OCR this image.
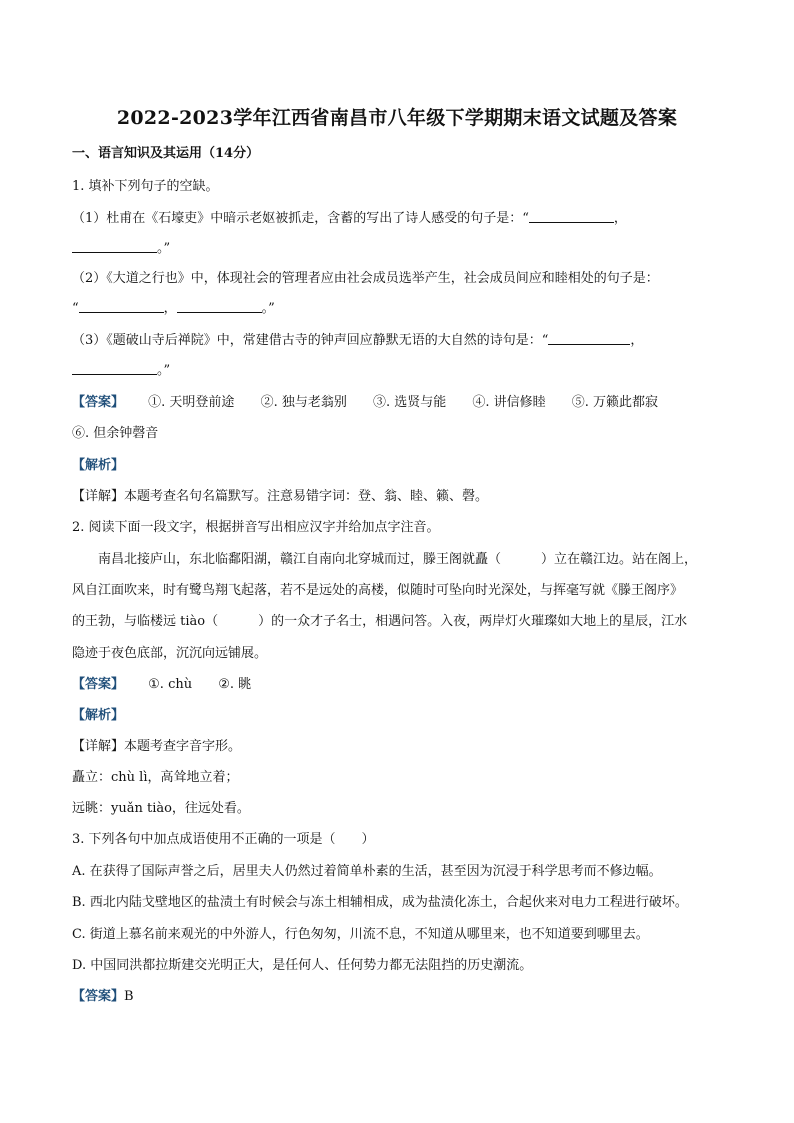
2022-2023学年江西省南昌市八年级下学期期末语文试题及答案
一、语言知识及其运用（14分）
1. 填补下列句子的空缺。
（1）杜甫在《石壕吏》中暗示老妪被抓走，含蓄的写出了诗人感受的句子是：“	，
。”
（2）《大道之行也》中，体现社会的管理者应由社会成员选举产生，社会成员间应和睦相处的句子是：
“	，	。”
（3）《题破山寺后禅院》中，常建借古寺的钟声回应静默无语的大自然的诗句是：“	，
。”
【答案】 ①. 天明登前途 ②. 独与老翁别 ③. 选贤与能 ④. 讲信修睦 ⑤. 万籁此都寂
⑥. 但余钟磬音
【解析】
【详解】本题考查名句名篇默写。注意易错字词：登、翁、睦、籁、磬。
2. 阅读下面一段文字，根据拼音写出相应汉字并给加点字注音。
南昌北接庐山，东北临鄱阳湖，赣江自南向北穿城而过，滕王阁就矗（	）立在赣江边。站在阁上，
风自江面吹来，时有鹭鸟翔飞起落，若不是远处的高楼，似随时可坠向时光深处，与挥毫写就《滕王阁序》
的王勃，与临楼远 tiào（	）的一众才子名士，相遇问答。入夜，两岸灯火璀璨如大地上的星辰，江水
隐迹于夜色底部，沉沉向远铺展。
【答案】 ①. chù ②. 眺
【解析】
【详解】本题考查字音字形。
矗立：chù lì，高耸地立着；
远眺：yuǎn tiào，往远处看。
3. 下列各句中加点成语使用不正确的一项是（　　）
A. 在获得了国际声誉之后，居里夫人仍然过着简单朴素的生活，甚至因为沉浸于科学思考而不修边幅。
B. 西北内陆戈壁地区的盐渍土有时候会与冻土相辅相成，成为盐渍化冻土，合起伙来对电力工程进行破坏。
C. 街道上慕名前来观光的中外游人，行色匆匆，川流不息，不知道从哪里来，也不知道要到哪里去。
D. 中国同洪都拉斯建交光明正大，是任何人、任何势力都无法阻挡的历史潮流。
【答案】B
